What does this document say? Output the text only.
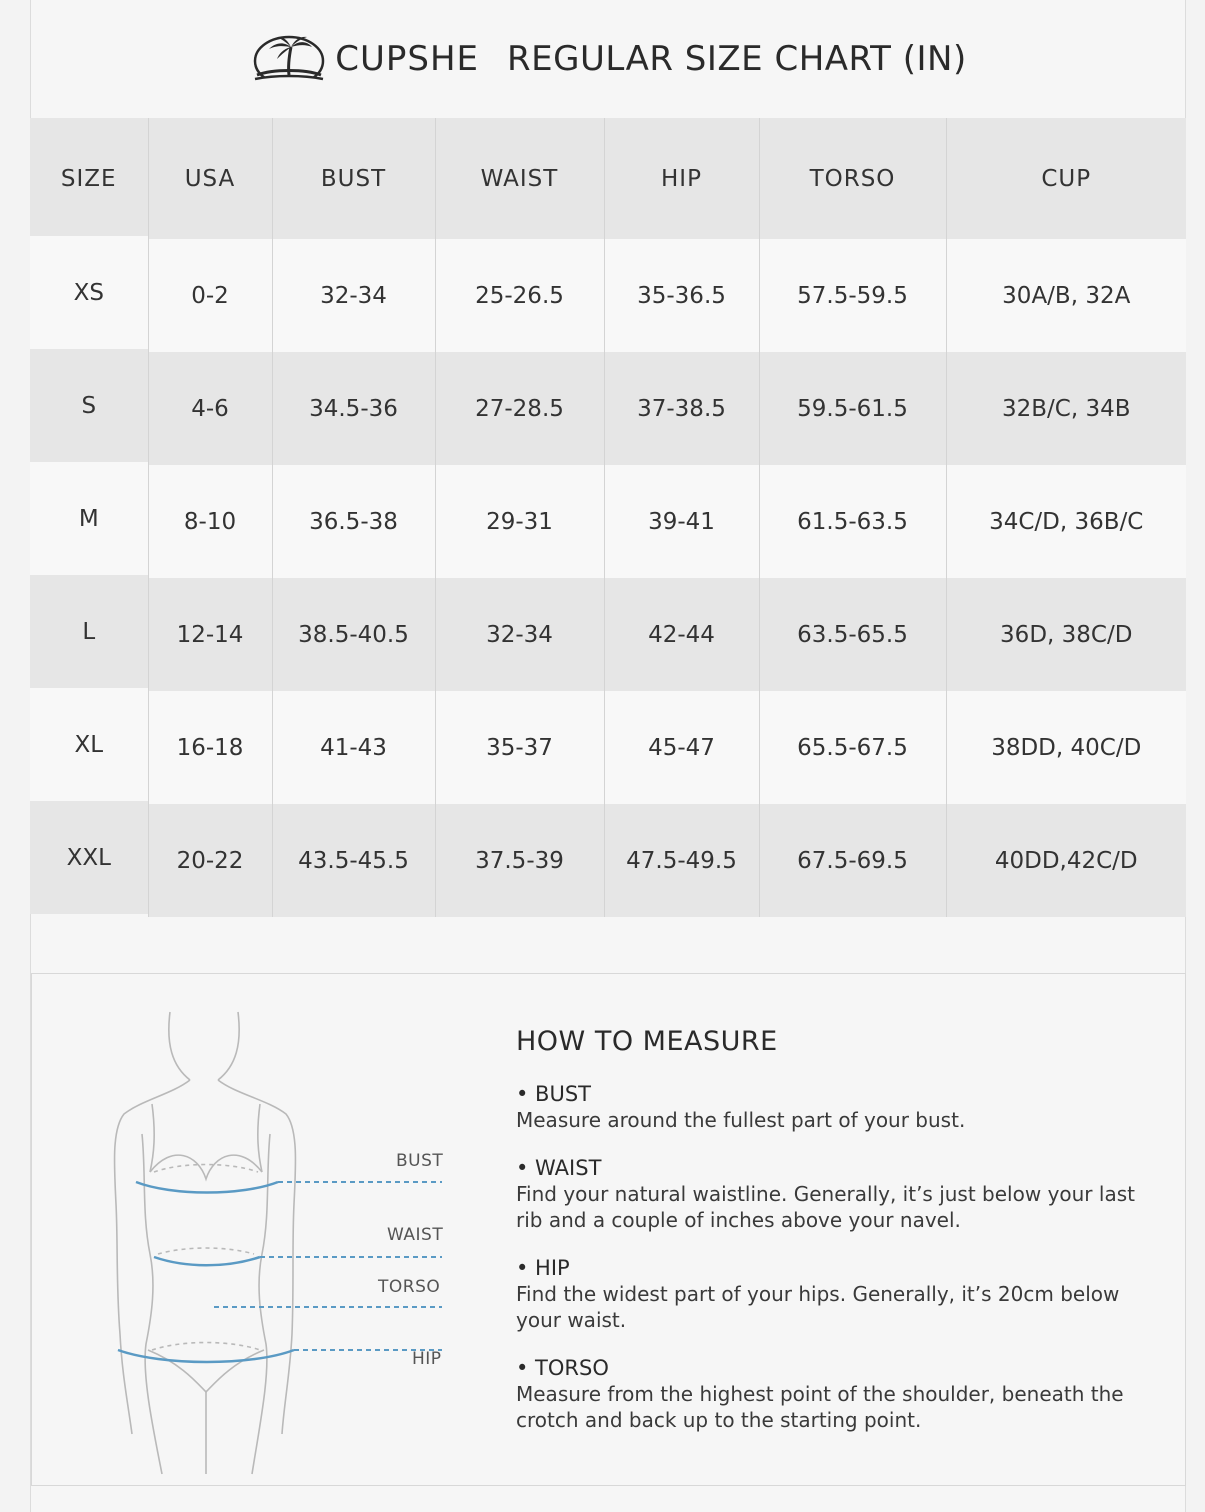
CUPSHE REGULAR SIZE CHART (IN)
SIZE	USA	BUST	WAIST	HIP	TORSO	CUP
XS	0-2	32-34	25-26.5	35-36.5	57.5-59.5	30A/B, 32A
S	4-6	34.5-36	27-28.5	37-38.5	59.5-61.5	32B/C, 34B
M	8-10	36.5-38	29-31	39-41	61.5-63.5	34C/D, 36B/C
L	12-14	38.5-40.5	32-34	42-44	63.5-65.5	36D, 38C/D
XL	16-18	41-43	35-37	45-47	65.5-67.5	38DD, 40C/D
XXL	20-22	43.5-45.5	37.5-39	47.5-49.5	67.5-69.5	40DD,42C/D
BUST
WAIST
TORSO
HIP
HOW TO MEASURE
• BUST
Measure around the fullest part of your bust.
• WAIST
Find your natural waistline. Generally, it’s just below your last rib and a couple of inches above your navel.
• HIP
Find the widest part of your hips. Generally, it’s 20cm below your waist.
• TORSO
Measure from the highest point of the shoulder, beneath the crotch and back up to the starting point.
